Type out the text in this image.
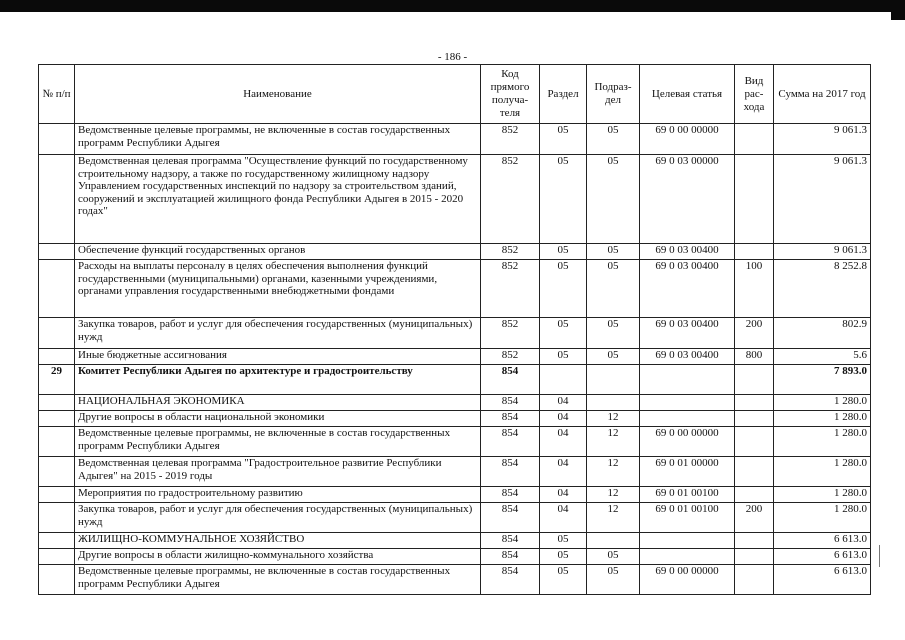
- 186 -
№ п/п	Наименование	Код прямого получа-теля	Раздел	Подраз-дел	Целевая статья	Вид рас-хода	Сумма на 2017 год
	Ведомственные целевые программы, не включенные в состав государственных программ Республики Адыгея	852	05	05	69 0 00 00000		9 061.3
	Ведомственная целевая программа "Осуществление функций по государственному строительному надзору, а также по государственному жилищному надзору Управлением государственных инспекций по надзору за строительством зданий, сооружений и эксплуатацией жилищного фонда Республики Адыгея в 2015 - 2020 годах"	852	05	05	69 0 03 00000		9 061.3
	Обеспечение функций государственных органов	852	05	05	69 0 03 00400		9 061.3
	Расходы на выплаты персоналу в целях обеспечения выполнения функций государственными (муниципальными) органами, казенными учреждениями, органами управления государственными внебюджетными фондами	852	05	05	69 0 03 00400	100	8 252.8
	Закупка товаров, работ и услуг для обеспечения государственных (муниципальных) нужд	852	05	05	69 0 03 00400	200	802.9
	Иные бюджетные ассигнования	852	05	05	69 0 03 00400	800	5.6
29	Комитет Республики Адыгея по архитектуре и градостроительству	854					7 893.0
	НАЦИОНАЛЬНАЯ ЭКОНОМИКА	854	04				1 280.0
	Другие вопросы в области национальной экономики	854	04	12			1 280.0
	Ведомственные целевые программы, не включенные в состав государственных программ Республики Адыгея	854	04	12	69 0 00 00000		1 280.0
	Ведомственная целевая программа "Градостроительное развитие Республики Адыгея" на 2015 - 2019 годы	854	04	12	69 0 01 00000		1 280.0
	Мероприятия по градостроительному развитию	854	04	12	69 0 01 00100		1 280.0
	Закупка товаров, работ и услуг для обеспечения государственных (муниципальных) нужд	854	04	12	69 0 01 00100	200	1 280.0
	ЖИЛИЩНО-КОММУНАЛЬНОЕ ХОЗЯЙСТВО	854	05				6 613.0
	Другие вопросы в области жилищно-коммунального хозяйства	854	05	05			6 613.0
	Ведомственные целевые программы, не включенные в состав государственных программ Республики Адыгея	854	05	05	69 0 00 00000		6 613.0
